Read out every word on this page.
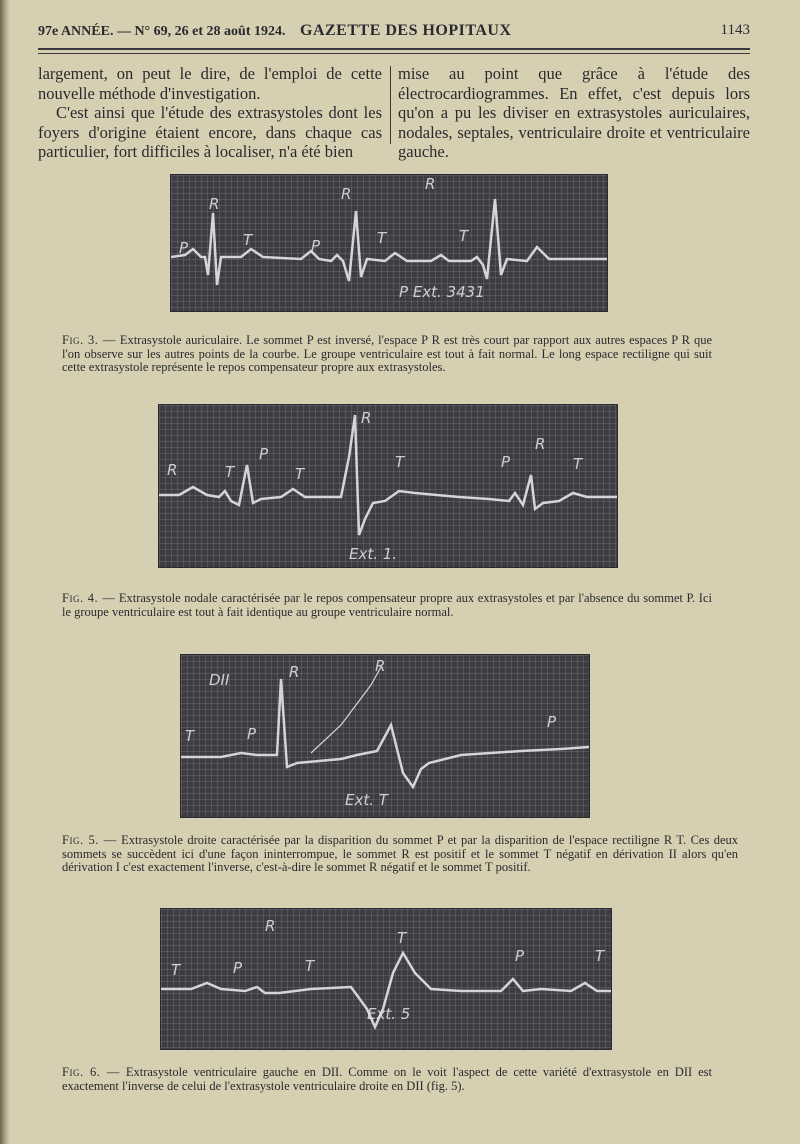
97e ANNÉE. — N° 69, 26 et 28 août 1924. GAZETTE DES HOPITAUX	1143

largement, on peut le dire, de l'emploi de cette nouvelle méthode d'investigation.

C'est ainsi que l'étude des extrasystoles dont les foyers d'origine étaient encore, dans chaque cas particulier, fort difficiles à localiser, n'a été bien

mise au point que grâce à l'étude des électrocardiogrammes. En effet, c'est depuis lors qu'on a pu les diviser en extrasystoles auriculaires, nodales, septales, ventriculaire droite et ventriculaire gauche.

R
R
R
P	T	P	T	T
P Ext. 3431
Fig. 3. — Extrasystole auriculaire. Le sommet P est inversé, l'espace P R est très court par rapport aux autres espaces P R que l'on observe sur les autres points de la courbe. Le groupe ventriculaire est tout à fait normal. Le long espace rectiligne qui suit cette extrasystole représente le repos compensateur propre aux extrasystoles.
R	T
P
R
T
T	P
R
T
Ext. 1.
Fig. 4. — Extrasystole nodale caractérisée par le repos compensateur propre aux extrasystoles et par l'absence du sommet P. Ici le groupe ventriculaire est tout à fait identique au groupe ventriculaire normal.
DII	R	R
T	P
P
Ext. T
Fig. 5. — Extrasystole droite caractérisée par la disparition du sommet P et par la disparition de l'espace rectiligne R T. Ces deux sommets se succèdent ici d'une façon ininterrompue, le sommet R est positif et le sommet T négatif en dérivation II alors qu'en dérivation I c'est exactement l'inverse, c'est-à-dire le sommet R négatif et le sommet T positif.
R
T
P
T	T
P	T
Ext. 5
Fig. 6. — Extrasystole ventriculaire gauche en DII. Comme on le voit l'aspect de cette variété d'extrasystole en DII est exactement l'inverse de celui de l'extrasystole ventriculaire droite en DII (fig. 5).
